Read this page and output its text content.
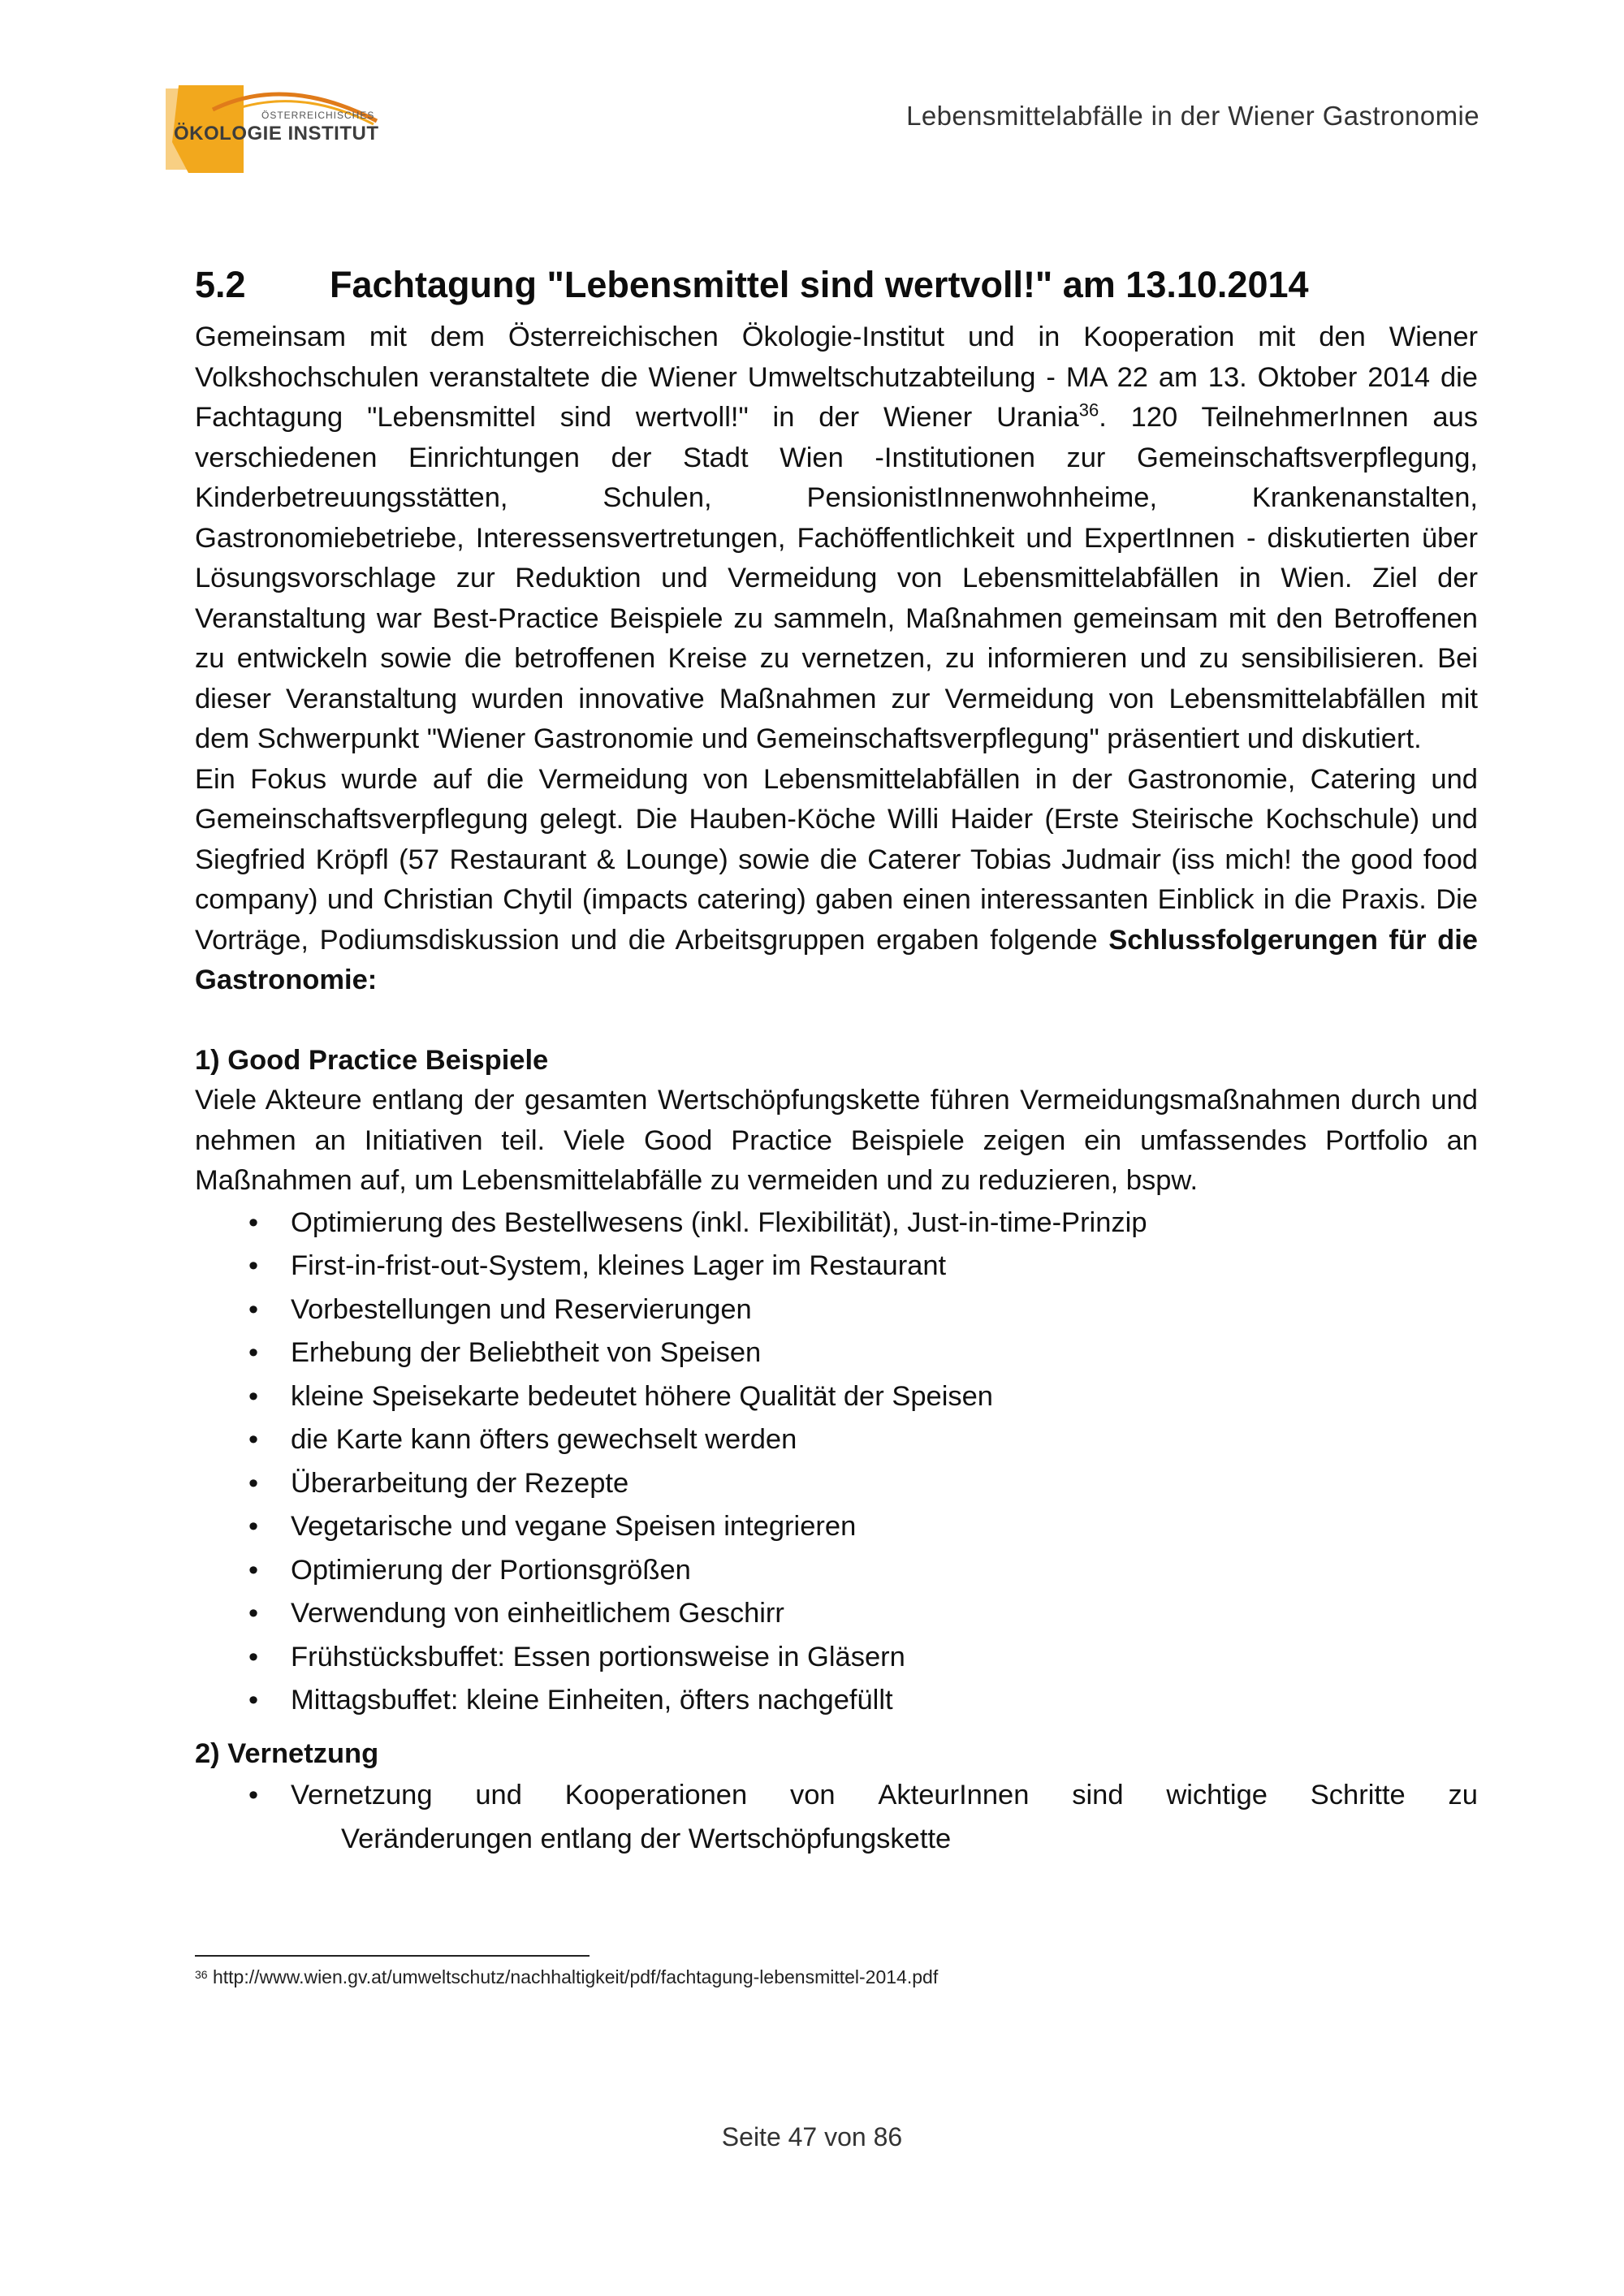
ÖSTERREICHISCHES
ÖKOLOGIE INSTITUT
Lebensmittelabfälle in der Wiener Gastronomie
5.2	Fachtagung "Lebensmittel sind wertvoll!" am 13.10.2014

Gemeinsam mit dem Österreichischen Ökologie-Institut und in Kooperation mit den Wiener Volkshochschulen veranstaltete die Wiener Umweltschutzabteilung - MA 22 am 13. Oktober 2014 die Fachtagung "Lebensmittel sind wertvoll!" in der Wiener Urania$^{36}$. 120 TeilnehmerInnen aus verschiedenen Einrichtungen der Stadt Wien -Institutionen zur Gemeinschaftsverpflegung, Kinderbetreuungsstätten, Schulen, PensionistInnenwohnheime, Krankenanstalten, Gastronomiebetriebe, Interessensvertretungen, Fachöffentlichkeit und ExpertInnen - diskutierten über Lösungsvorschlage zur Reduktion und Vermeidung von Lebensmittelabfällen in Wien. Ziel der Veranstaltung war Best-Practice Beispiele zu sammeln, Maßnahmen gemeinsam mit den Betroffenen zu entwickeln sowie die betroffenen Kreise zu vernetzen, zu informieren und zu sensibilisieren. Bei dieser Veranstaltung wurden innovative Maßnahmen zur Vermeidung von Lebensmittelabfällen mit dem Schwerpunkt "Wiener Gastronomie und Gemeinschaftsverpflegung" präsentiert und diskutiert.

Ein Fokus wurde auf die Vermeidung von Lebensmittelabfällen in der Gastronomie, Catering und Gemeinschaftsverpflegung gelegt. Die Hauben-Köche Willi Haider (Erste Steirische Kochschule) und Siegfried Kröpfl (57 Restaurant & Lounge) sowie die Caterer Tobias Judmair (iss mich! the good food company) und Christian Chytil (impacts catering) gaben einen interessanten Einblick in die Praxis. Die Vorträge, Podiumsdiskussion und die Arbeitsgruppen ergaben folgende Schlussfolgerungen für die Gastronomie:

1) Good Practice Beispiele

Viele Akteure entlang der gesamten Wertschöpfungskette führen Vermeidungsmaßnahmen durch und nehmen an Initiativen teil. Viele Good Practice Beispiele zeigen ein umfassendes Portfolio an Maßnahmen auf, um Lebensmittelabfälle zu vermeiden und zu reduzieren, bspw.

• Optimierung des Bestellwesens (inkl. Flexibilität), Just-in-time-Prinzip
• First-in-frist-out-System, kleines Lager im Restaurant
• Vorbestellungen und Reservierungen
• Erhebung der Beliebtheit von Speisen
• kleine Speisekarte bedeutet höhere Qualität der Speisen
• die Karte kann öfters gewechselt werden
• Überarbeitung der Rezepte
• Vegetarische und vegane Speisen integrieren
• Optimierung der Portionsgrößen
• Verwendung von einheitlichem Geschirr
• Frühstücksbuffet: Essen portionsweise in Gläsern
• Mittagsbuffet: kleine Einheiten, öfters nachgefüllt
2) Vernetzung
• Vernetzung und Kooperationen von AkteurInnen sind wichtige Schritte zu
Veränderungen entlang der Wertschöpfungskette
$^{36}$ http://www.wien.gv.at/umweltschutz/nachhaltigkeit/pdf/fachtagung-lebensmittel-2014.pdf
Seite 47 von 86
